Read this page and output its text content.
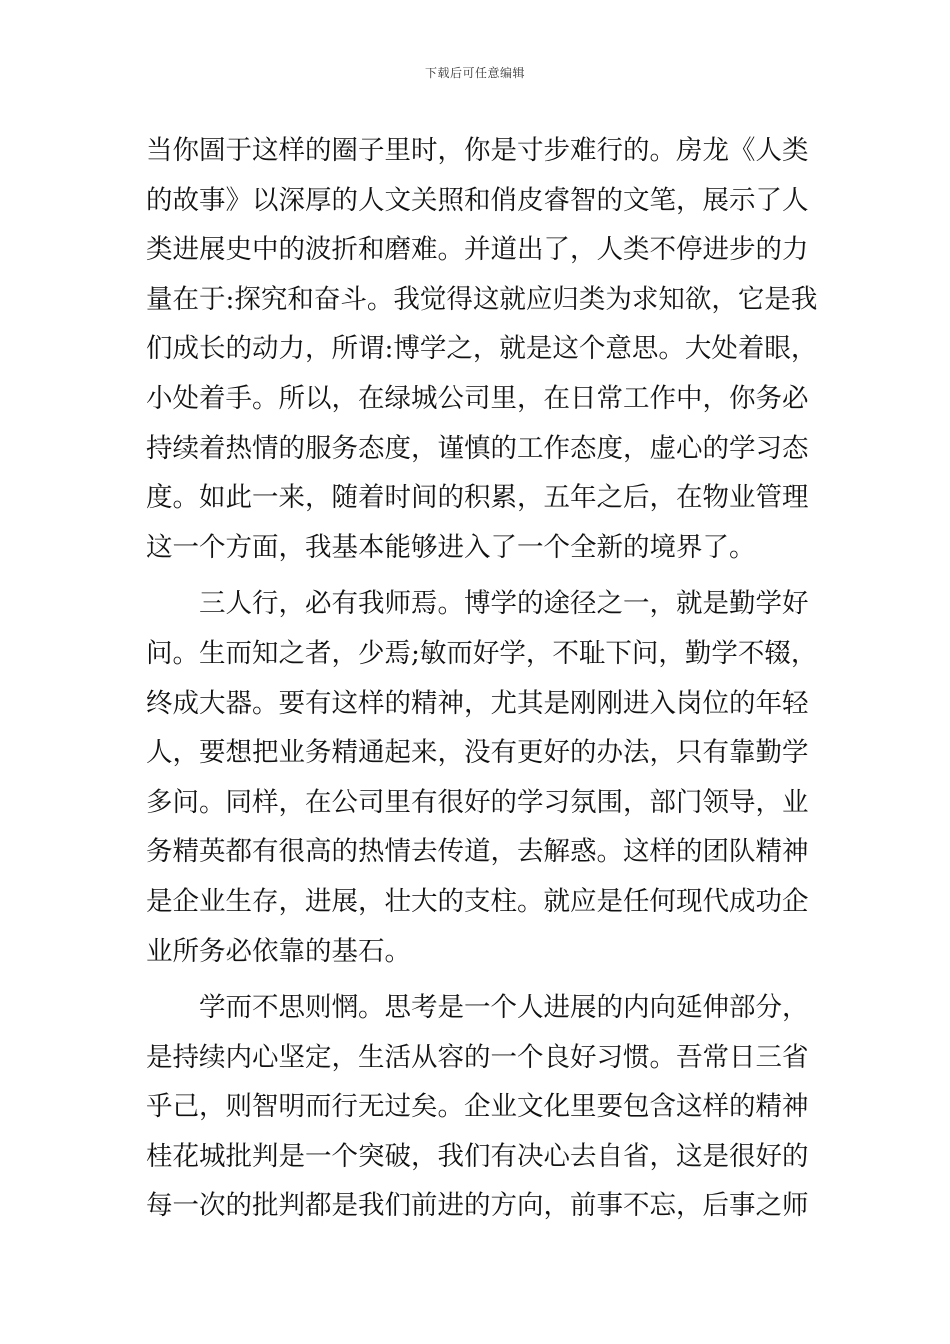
下载后可任意编辑
当你圄于这样的圈子里时，你是寸步难行的。房龙《人类
的故事》以深厚的人文关照和俏皮睿智的文笔，展示了人
类进展史中的波折和磨难。并道出了，人类不停进步的力
量在于:探究和奋斗。我觉得这就应归类为求知欲，它是我
们成长的动力，所谓:博学之，就是这个意思。大处着眼，
小处着手。所以，在绿城公司里，在日常工作中，你务必
持续着热情的服务态度，谨慎的工作态度，虚心的学习态
度。如此一来，随着时间的积累，五年之后，在物业管理
这一个方面，我基本能够进入了一个全新的境界了。
三人行，必有我师焉。博学的途径之一，就是勤学好
问。生而知之者，少焉;敏而好学，不耻下问，勤学不辍，
终成大器。要有这样的精神，尤其是刚刚进入岗位的年轻
人，要想把业务精通起来，没有更好的办法，只有靠勤学
多问。同样，在公司里有很好的学习氛围，部门领导，业
务精英都有很高的热情去传道，去解惑。这样的团队精神
是企业生存，进展，壮大的支柱。就应是任何现代成功企
业所务必依靠的基石。
学而不思则惘。思考是一个人进展的内向延伸部分，
是持续内心坚定，生活从容的一个良好习惯。吾常日三省
乎己，则智明而行无过矣。企业文化里要包含这样的精神
桂花城批判是一个突破，我们有决心去自省，这是很好的
每一次的批判都是我们前进的方向，前事不忘，后事之师
